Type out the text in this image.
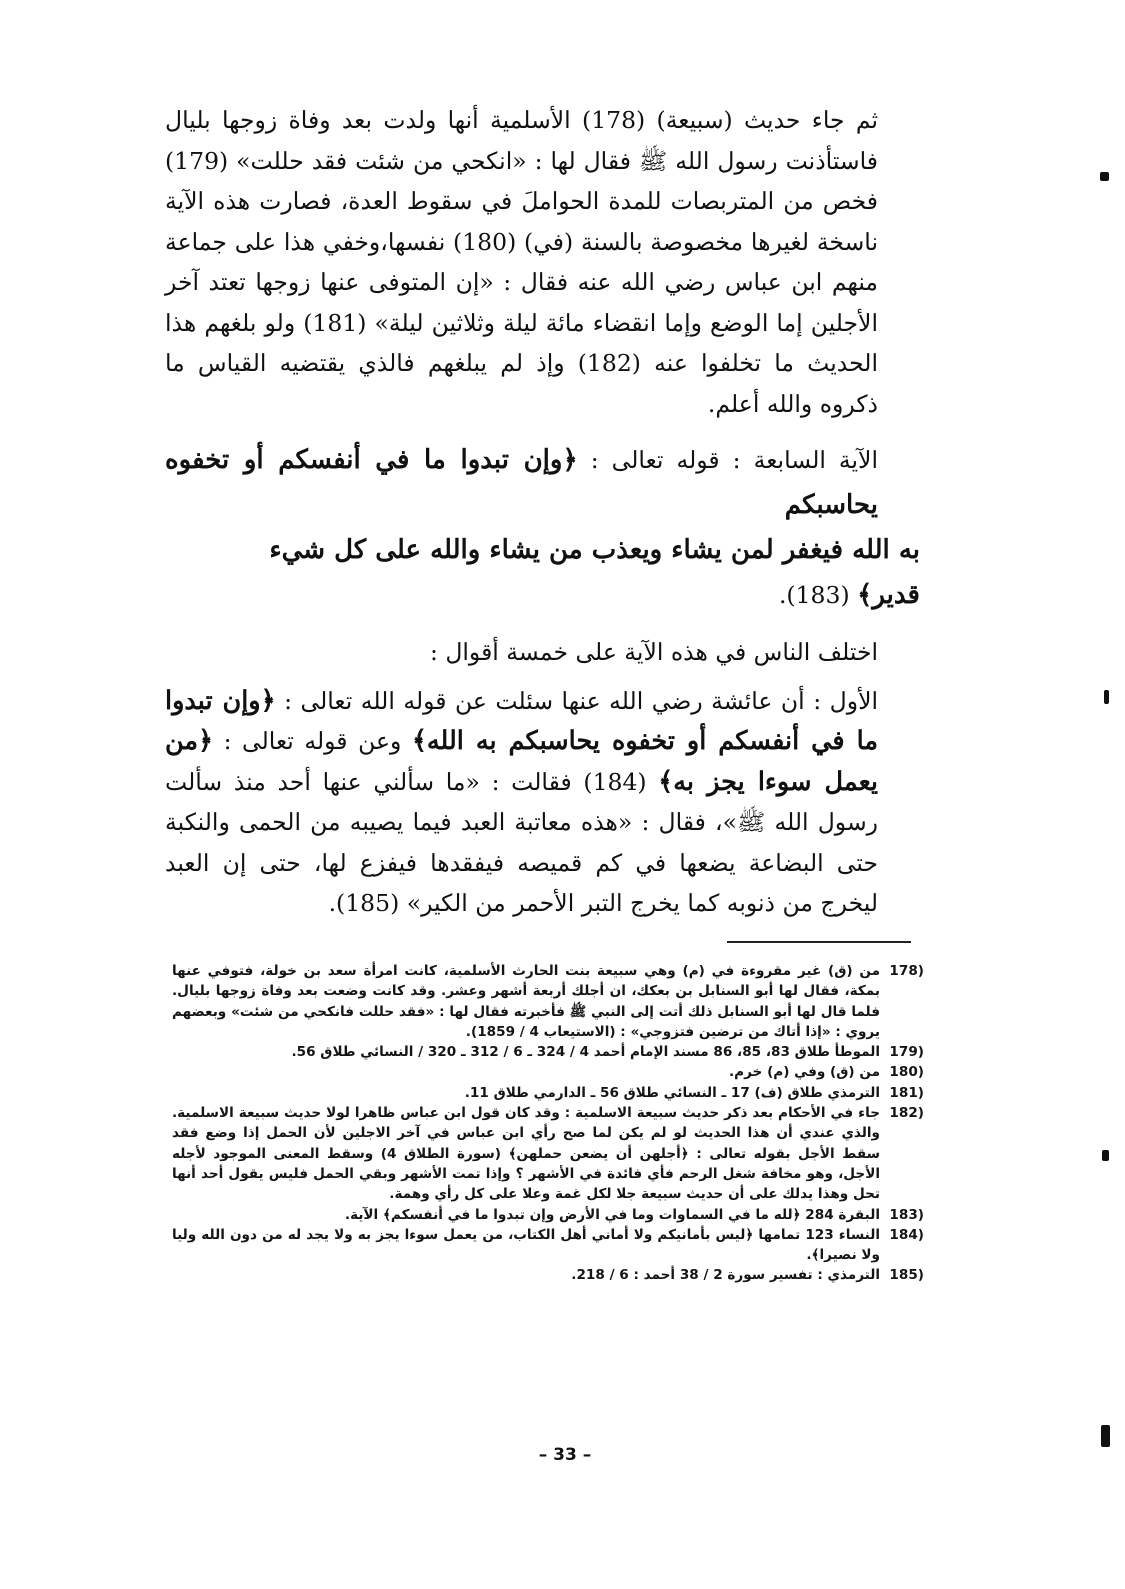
ثم جاء حديث (سبيعة) (178) الأسلمية أنها ولدت بعد وفاة زوجها بليال فاستأذنت رسول الله ﷺ فقال لها : «انكحي من شئت فقد حللت» (179) فخص من المتربصات للمدة الحواملَ في سقوط العدة، فصارت هذه الآية ناسخة لغيرها مخصوصة بالسنة (في) (180) نفسها،وخفي هذا على جماعة منهم ابن عباس رضي الله عنه فقال : «إن المتوفى عنها زوجها تعتد آخر الأجلين إما الوضع وإما انقضاء مائة ليلة وثلاثين ليلة» (181) ولو بلغهم هذا الحديث ما تخلفوا عنه (182) وإذ لم يبلغهم فالذي يقتضيه القياس ما ذكروه والله أعلم.

الآية السابعة : قوله تعالى : ﴿وإن تبدوا ما في أنفسكم أو تخفوه يحاسبكم

به الله فيغفر لمن يشاء ويعذب من يشاء والله على كل شيء

قدير﴾ (183).

اختلف الناس في هذه الآية على خمسة أقوال :

الأول : أن عائشة رضي الله عنها سئلت عن قوله الله تعالى : ﴿وإن تبدوا ما في أنفسكم أو تخفوه يحاسبكم به الله﴾ وعن قوله تعالى : ﴿من يعمل سوءا يجز به﴾ (184) فقالت : «ما سألني عنها أحد منذ سألت رسول الله ﷺ»، فقال : «هذه معاتبة العبد فيما يصيبه من الحمى والنكبة حتى البضاعة يضعها في كم قميصه فيفقدها فيفزع لها، حتى إن العبد ليخرج من ذنوبه كما يخرج التبر الأحمر من الكير» (185).

178)
من (ق) غير مقروءة في (م) وهي سبيعة بنت الحارث الأسلمية، كانت امرأة سعد بن خولة، فتوفي عنها بمكة، فقال لها أبو السنابل بن بعكك، ان أجلك أربعة أشهر وعشر. وقد كانت وضعت بعد وفاة زوجها بليال. فلما قال لها أبو السنابل ذلك أتت إلى النبي ﷺ فأخبرته فقال لها : «فقد حللت فانكحي من شئت» وبعضهم يروي : «إذا أتاك من ترضين فتزوجي» : (الاستيعاب 4 / 1859).
179)
الموطأ طلاق 83، 85، 86 مسند الإمام أحمد 4 / 324 ـ 6 / 312 ـ 320 / النسائي طلاق 56.
180)
من (ق) وفي (م) خرم.
181)
الترمذي طلاق (ف) 17 ـ النسائي طلاق 56 ـ الدارمي طلاق 11.
182)
جاء في الأحكام بعد ذكر حديث سبيعة الاسلمية : وقد كان قول ابن عباس ظاهرا لولا حديث سبيعة الاسلمية. والذي عندي أن هذا الحديث لو لم يكن لما صح رأي ابن عباس في آخر الاجلين لأن الحمل إذا وضع فقد سقط الأجل بقوله تعالى : ﴿أجلهن أن يضعن حملهن﴾ (سورة الطلاق 4) وسقط المعنى الموجود لأجله الأجل، وهو مخافة شغل الرحم فأي فائدة في الأشهر ؟ وإذا تمت الأشهر وبقي الحمل فليس يقول أحد أنها تحل وهذا يدلك على أن حديث سبيعة جلا لكل غمة وعلا على كل رأي وهمة.
183)
البقرة 284 ﴿لله ما في السماوات وما في الأرض وإن تبدوا ما في أنفسكم﴾ الآية.
184)
النساء 123 تمامها ﴿ليس بأمانيكم ولا أماني أهل الكتاب، من يعمل سوءا يجز به ولا يجد له من دون الله وليا ولا نصيرا﴾.
185)
الترمذي : تفسير سورة 2 / 38 أحمد : 6 / 218.
– 33 –
